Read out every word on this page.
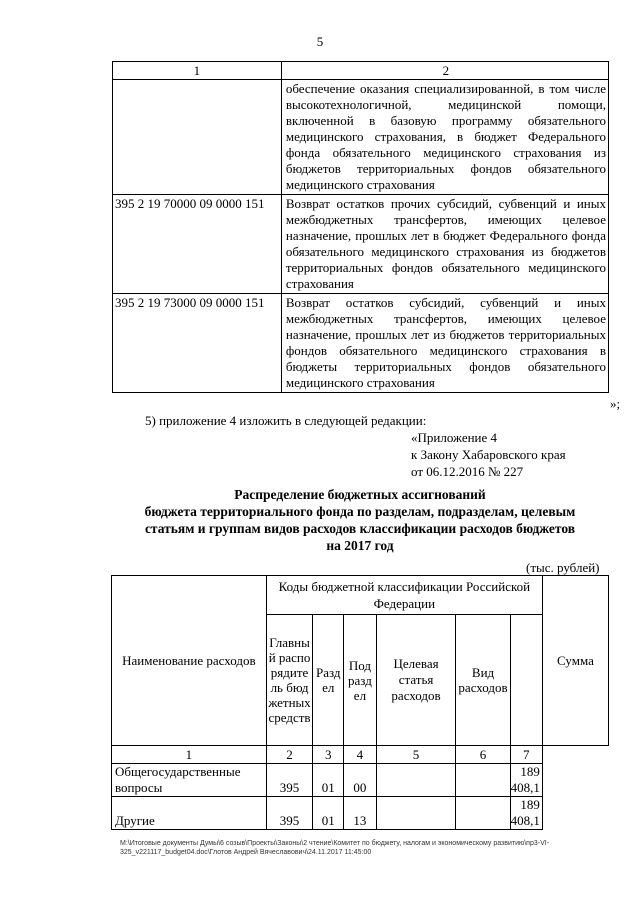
5
1	2
	обеспечение оказания специализированной, в том числе высокотехнологичной, медицинской помощи, включенной в базовую программу обязательного медицинского страхования, в бюджет Федерального фонда обязательного медицинского страхования из бюджетов территориальных фондов обязательного медицинского страхования
395 2 19 70000 09 0000 151	Возврат остатков прочих субсидий, субвенций и иных межбюджетных трансфертов, имеющих целевое назначение, прошлых лет в бюджет Федерального фонда обязательного медицинского страхования из бюджетов территориальных фондов обязательного медицинского страхования
395 2 19 73000 09 0000 151	Возврат остатков субсидий, субвенций и иных межбюджетных трансфертов, имеющих целевое назначение, прошлых лет из бюджетов территориальных фондов обязательного медицинского страхования в бюджеты территориальных фондов обязательного медицинского страхования
»;
5) приложение 4 изложить в следующей редакции:
«Приложение 4
к Закону Хабаровского края
от 06.12.2016 № 227
Распределение бюджетных ассигнований
бюджета территориального фонда по разделам, подразделам, целевым
статьям и группам видов расходов классификации расходов бюджетов
на 2017 год
(тыс. рублей)
Наименование расходов	Коды бюджетной классификации Российской Федерации						Сумма
	Главный распорядитель бюджетных средств	Раздел	Подраздел	Целевая статья расходов	Вид расходов		
1	2	3	4	5	6	7	
Общегосударственные вопросы	395	01	00			189 408,1	
Другие	395	01	13			189 408,1	
М:\Итоговые документы Думы\6 созыв\Проекты\Законы\2 чтение\Комитет по бюджету, налогам и экономическому развитию\пр3-VI-325_v221117_budget04.doc\Глотов Андрей Вячеславович\24.11.2017 11:45:00
